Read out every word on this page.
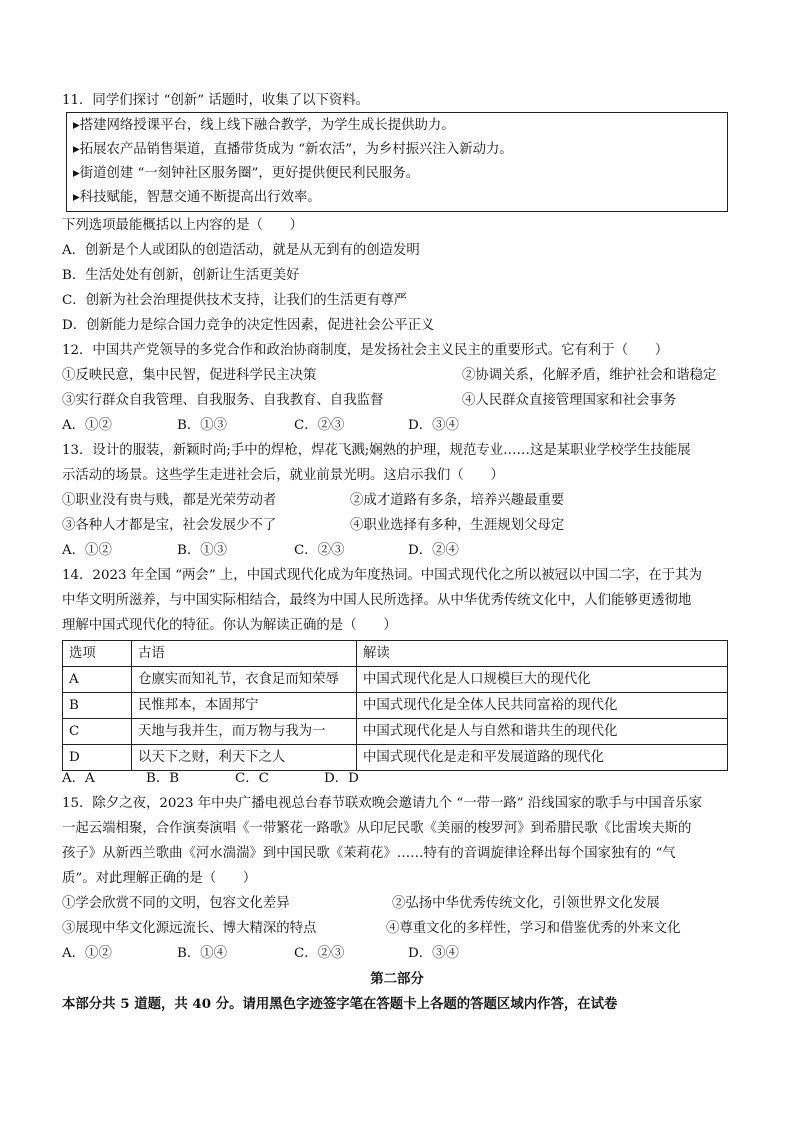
11．同学们探讨 “创新” 话题时，收集了以下资料。
▸搭建网络授课平台，线上线下融合教学，为学生成长提供助力。
▸拓展农产品销售渠道，直播带货成为 “新农活”，为乡村振兴注入新动力。
▸街道创建 “一刻钟社区服务圈”，更好提供便民利民服务。
▸科技赋能，智慧交通不断提高出行效率。
下列选项最能概括以上内容的是（　　）
A．创新是个人或团队的创造活动，就是从无到有的创造发明
B．生活处处有创新，创新让生活更美好
C．创新为社会治理提供技术支持，让我们的生活更有尊严
D．创新能力是综合国力竞争的决定性因素，促进社会公平正义
12．中国共产党领导的多党合作和政治协商制度，是发扬社会主义民主的重要形式。它有利于（　　）
①反映民意，集中民智，促进科学民主决策	②协调关系，化解矛盾，维护社会和谐稳定
③实行群众自我管理、自我服务、自我教育、自我监督	④人民群众直接管理国家和社会事务
A．①②	B．①③	C．②③	D．③④
13．设计的服装，新颖时尚;手中的焊枪，焊花飞溅;娴熟的护理，规范专业……这是某职业学校学生技能展
示活动的场景。这些学生走进社会后，就业前景光明。这启示我们（　　）
①职业没有贵与贱，都是光荣劳动者	②成才道路有多条，培养兴趣最重要
③各种人才都是宝，社会发展少不了	④职业选择有多种，生涯规划父母定
A．①②	B．①③	C．②③	D．②④
14．2023 年全国 “两会” 上，中国式现代化成为年度热词。中国式现代化之所以被冠以中国二字，在于其为
中华文明所滋养，与中国实际相结合，最终为中国人民所选择。从中华优秀传统文化中，人们能够更透彻地
理解中国式现代化的特征。你认为解读正确的是（　　）
选项	古语	解读
A	仓廪实而知礼节，衣食足而知荣辱	中国式现代化是人口规模巨大的现代化
B	民惟邦本，本固邦宁	中国式现代化是全体人民共同富裕的现代化
C	天地与我并生，而万物与我为一	中国式现代化是人与自然和谐共生的现代化
D	以天下之财，利天下之人	中国式现代化是走和平发展道路的现代化
A．A	B．B	C．C	D．D
15．除夕之夜，2023 年中央广播电视总台春节联欢晚会邀请九个 “一带一路” 沿线国家的歌手与中国音乐家
一起云端相聚，合作演奏演唱《一带繁花一路歌》从印尼民歌《美丽的梭罗河》到希腊民歌《比雷埃夫斯的
孩子》从新西兰歌曲《河水湍湍》到中国民歌《茉莉花》……特有的音调旋律诠释出每个国家独有的 “气
质”。对此理解正确的是（　　）
①学会欣赏不同的文明，包容文化差异	②弘扬中华优秀传统文化，引领世界文化发展
③展现中华文化源远流长、博大精深的特点	④尊重文化的多样性，学习和借鉴优秀的外来文化
A．①②	B．①④	C．②③	D．③④
第二部分
本部分共 5 道题，共 40 分。请用黑色字迹签字笔在答题卡上各题的答题区域内作答，在试卷
